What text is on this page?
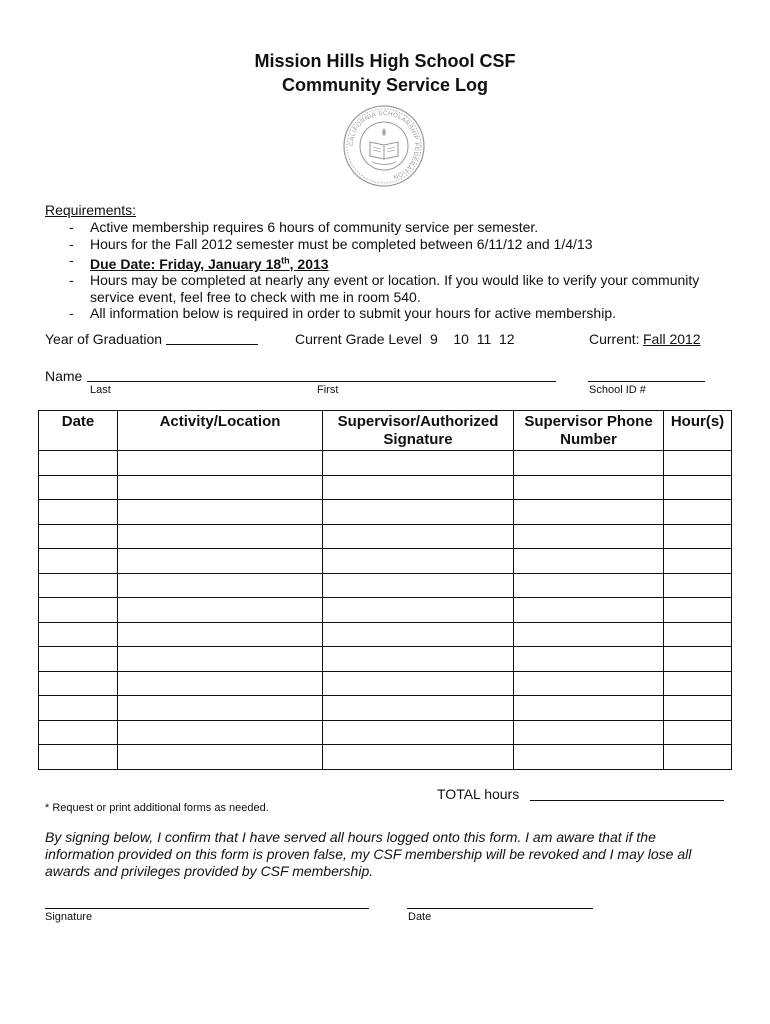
Mission Hills High School CSF
Community Service Log
CALIFORNIA SCHOLARSHIP FEDERATION
Requirements:
- Active membership requires 6 hours of community service per semester.
- Hours for the Fall 2012 semester must be completed between 6/11/12 and 1/4/13
- Due Date: Friday, January 18th, 2013
- Hours may be completed at nearly any event or location. If you would like to verify your community service event, feel free to check with me in room 540.
- All information below is required in order to submit your hours for active membership.
Year of Graduation	Current Grade Level 9    10  11  12	Current: Fall 2012
Name
Last	First	School ID #
Date	Activity/Location	Supervisor/Authorized Signature	Supervisor Phone Number	Hour(s)

TOTAL hours
* Request or print additional forms as needed.
By signing below, I confirm that I have served all hours logged onto this form. I am aware that if the information provided on this form is proven false, my CSF membership will be revoked and I may lose all awards and privileges provided by CSF membership.
Signature	Date
